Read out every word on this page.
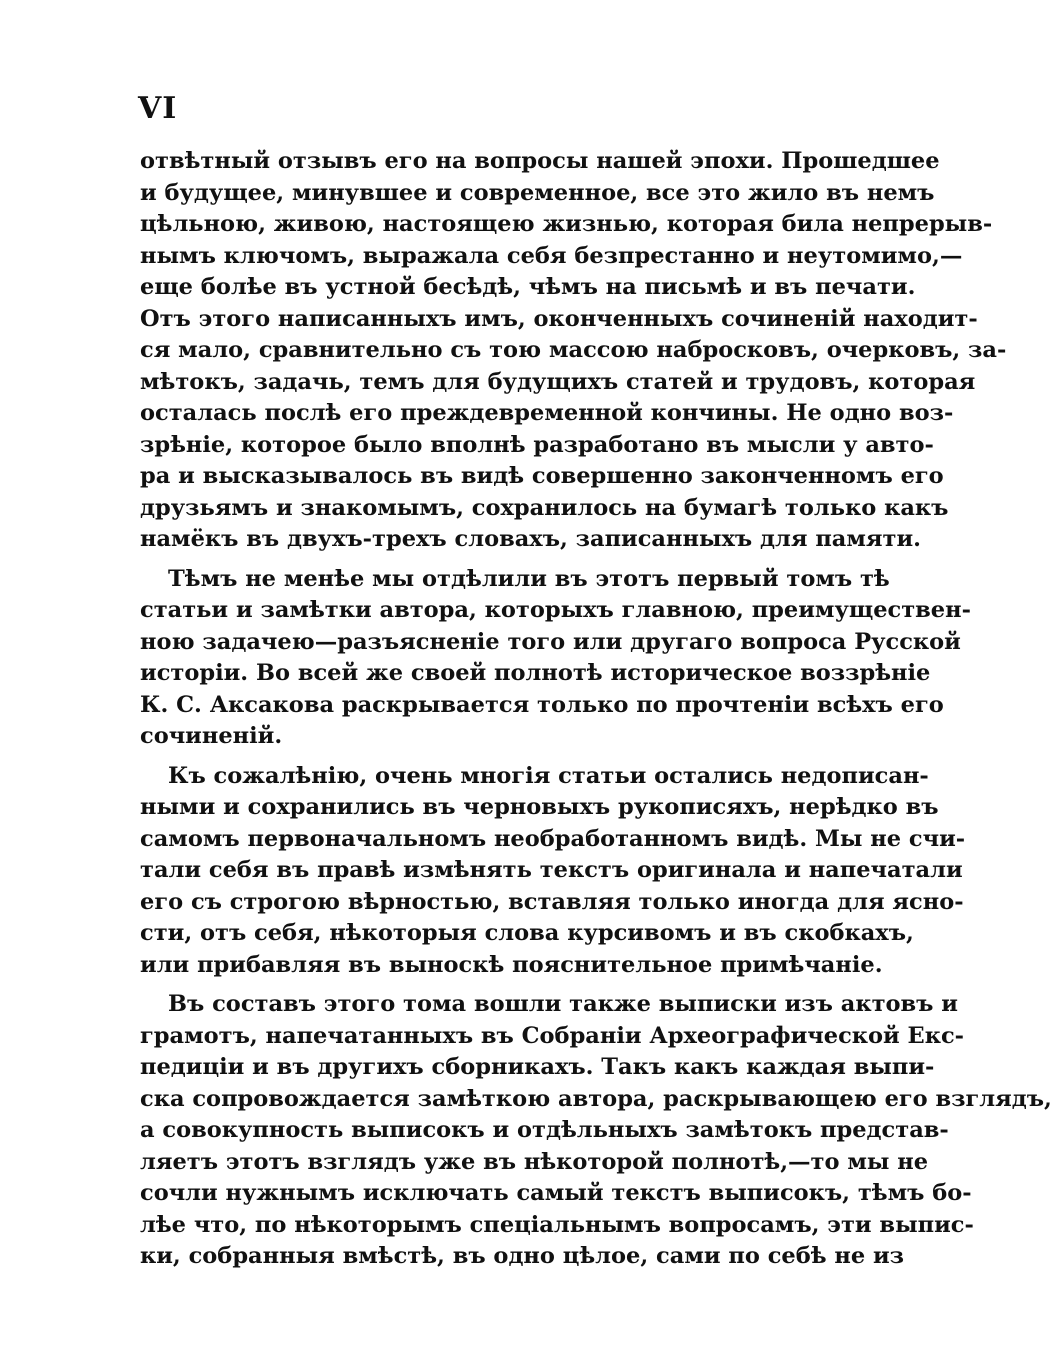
VI
отвѣтный отзывъ его на вопросы нашей эпохи. Прошедшее
и будущее, минувшее и современное, все это жило въ немъ
цѣльною, живою, настоящею жизнью, которая била непрерыв-
нымъ ключомъ, выражала себя безпрестанно и неутомимо,—
еще болѣе въ устной бесѣдѣ, чѣмъ на письмѣ и въ печати.
Отъ этого написанныхъ имъ, оконченныхъ сочиненій находит-
ся мало, сравнительно съ тою массою набросковъ, очерковъ, за-
мѣтокъ, задачь, темъ для будущихъ статей и трудовъ, которая
осталась послѣ его преждевременной кончины. Не одно воз-
зрѣніе, которое было вполнѣ разработано въ мысли у авто-
ра и высказывалось въ видѣ совершенно законченномъ его
друзьямъ и знакомымъ, сохранилось на бумагѣ только какъ
намёкъ въ двухъ-трехъ словахъ, записанныхъ для памяти.
Тѣмъ не менѣе мы отдѣлили въ этотъ первый томъ тѣ
статьи и замѣтки автора, которыхъ главною, преимуществен-
ною задачею—разъясненіе того или другаго вопроса Русской
исторіи. Во всей же своей полнотѣ историческое воззрѣніе
К. С. Аксакова раскрывается только по прочтеніи всѣхъ его
сочиненій.
Къ сожалѣнію, очень многія статьи остались недописан-
ными и сохранились въ черновыхъ рукописяхъ, нерѣдко въ
самомъ первоначальномъ необработанномъ видѣ. Мы не счи-
тали себя въ правѣ измѣнять текстъ оригинала и напечатали
его съ строгою вѣрностью, вставляя только иногда для ясно-
сти, отъ себя, нѣкоторыя слова курсивомъ и въ скобкахъ,
или прибавляя въ выноскѣ пояснительное примѣчаніе.
Въ составъ этого тома вошли также выписки изъ актовъ и
грамотъ, напечатанныхъ въ Собраніи Археографической Екс-
педиціи и въ другихъ сборникахъ. Такъ какъ каждая выпи-
ска сопровождается замѣткою автора, раскрывающею его взглядъ,
а совокупность выписокъ и отдѣльныхъ замѣтокъ представ-
ляетъ этотъ взглядъ уже въ нѣкоторой полнотѣ,—то мы не
сочли нужнымъ исключать самый текстъ выписокъ, тѣмъ бо-
лѣе что, по нѣкоторымъ спеціальнымъ вопросамъ, эти выпис-
ки, собранныя вмѣстѣ, въ одно цѣлое, сами по себѣ не из
